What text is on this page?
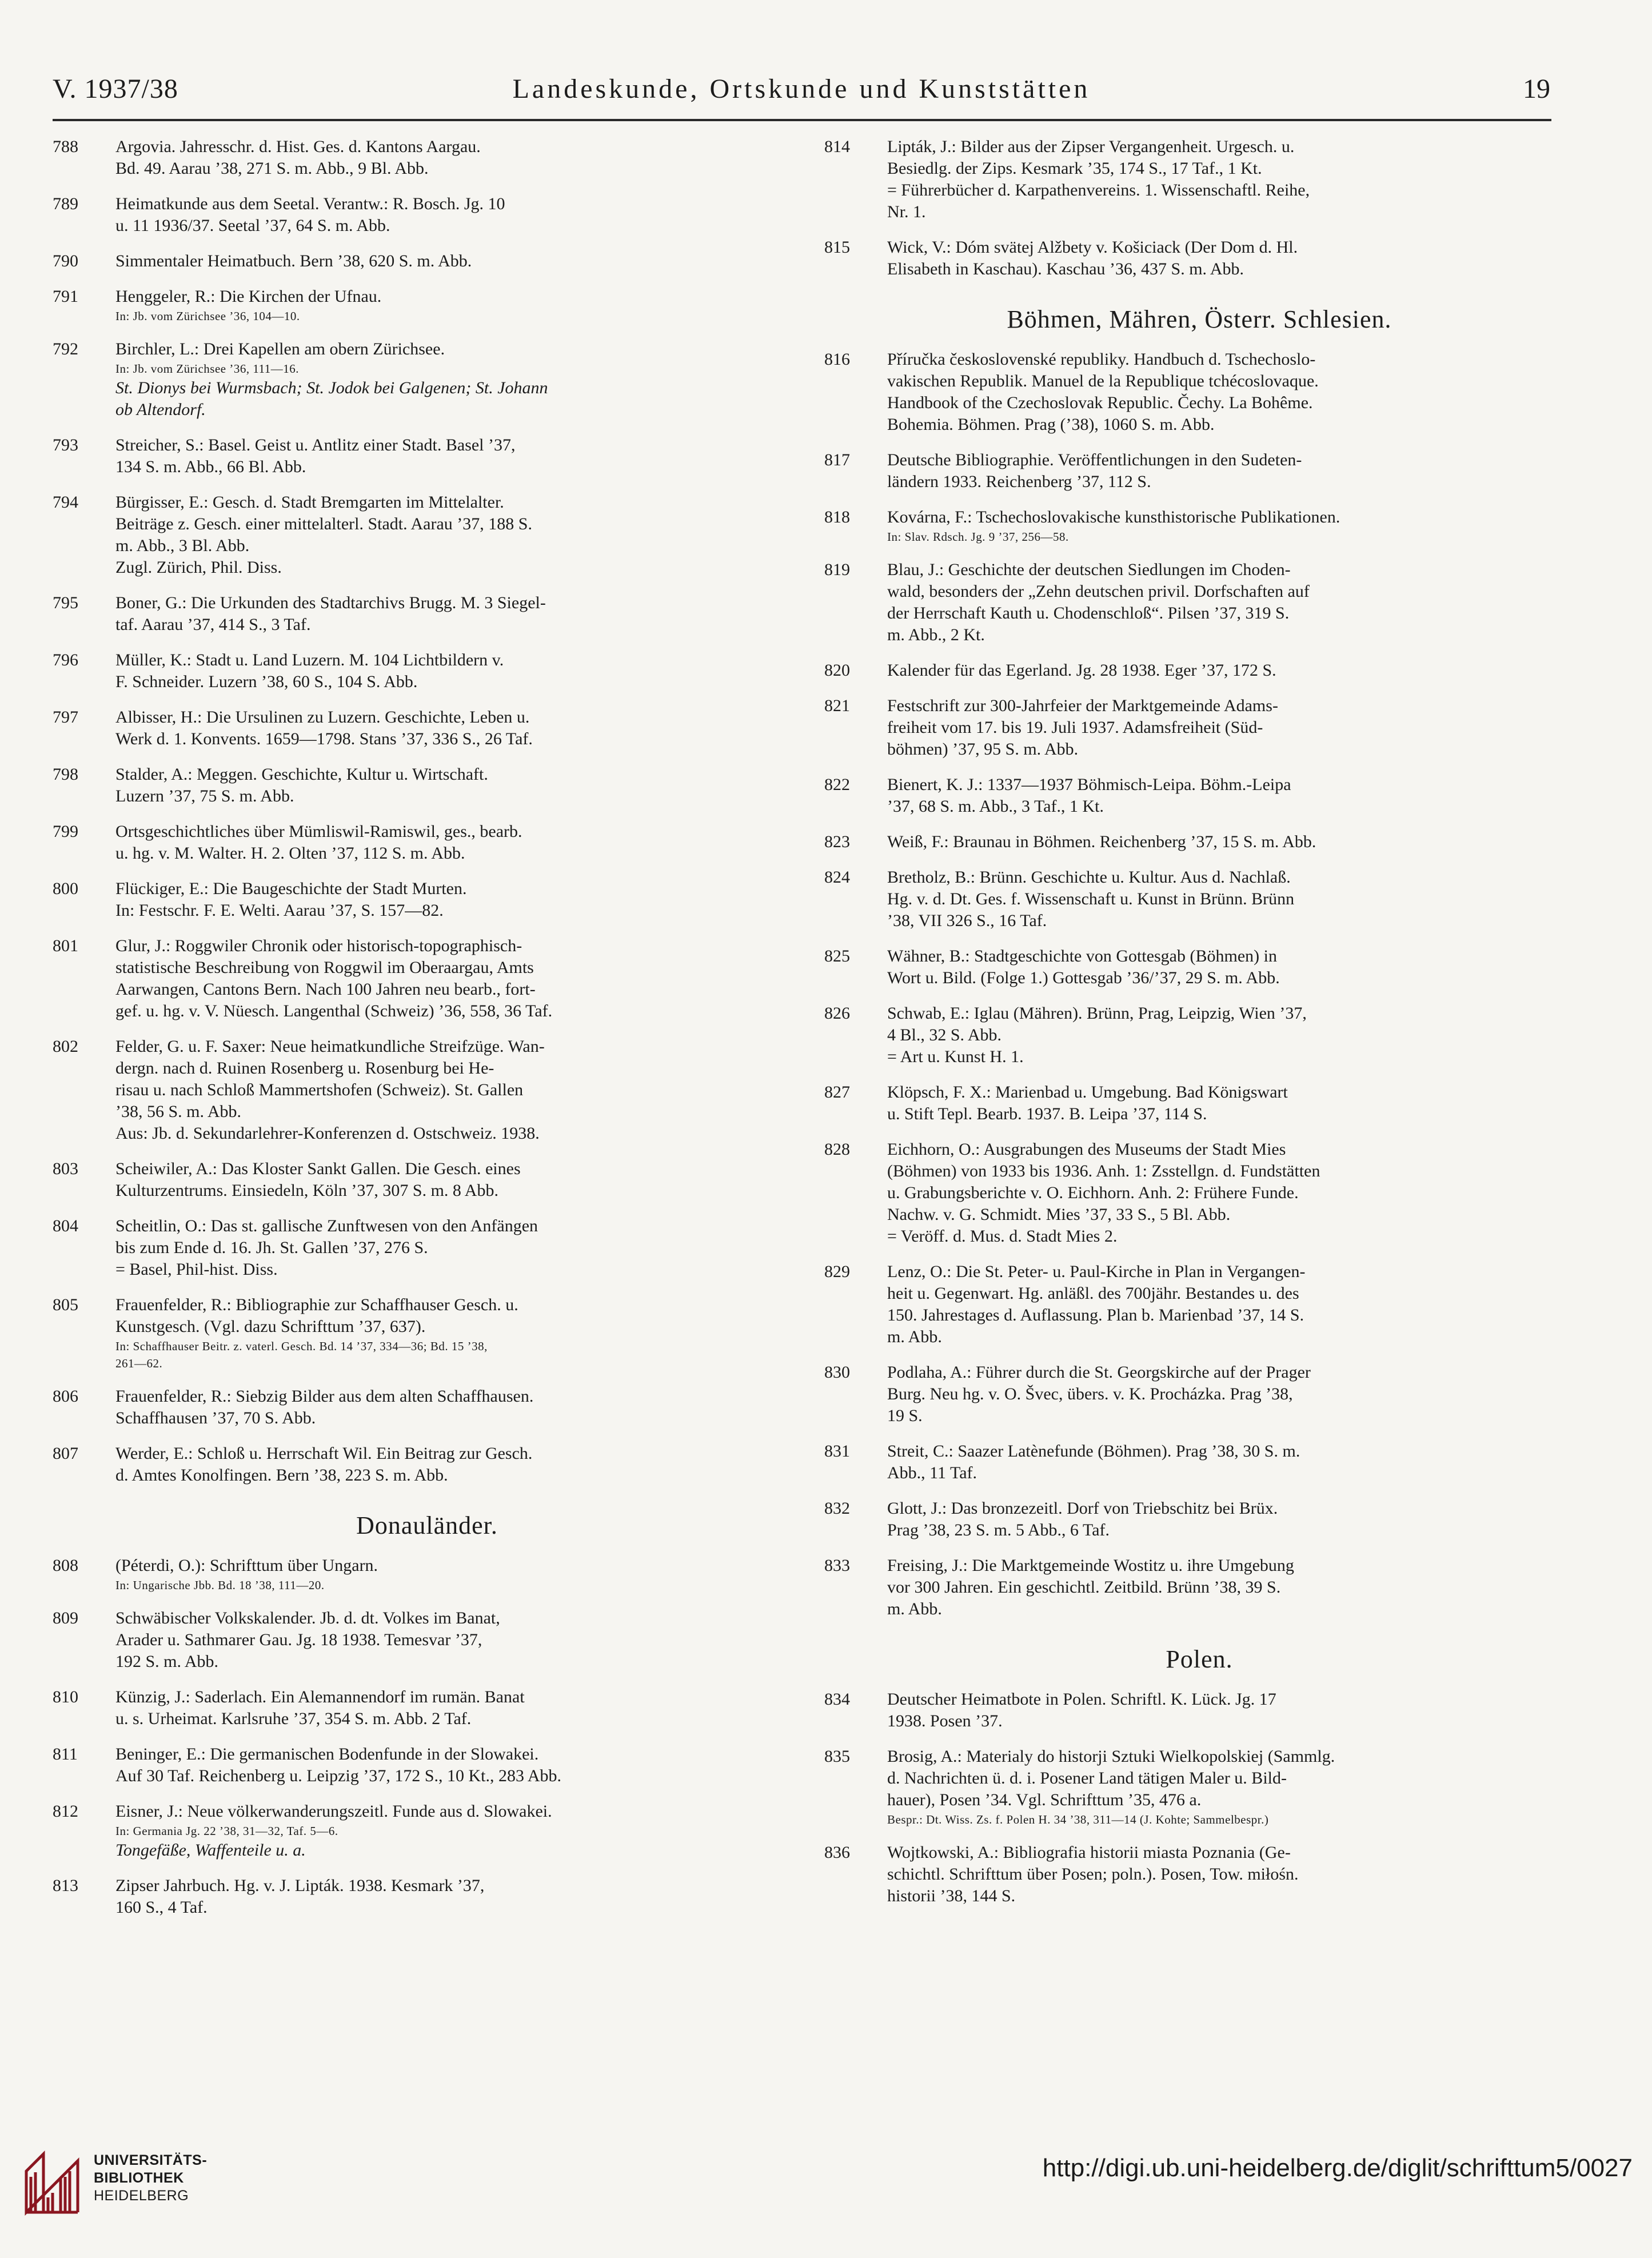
V. 1937/38	Landeskunde, Ortskunde und Kunststätten	19
788	Argovia. Jahresschr. d. Hist. Ges. d. Kantons Aargau.
Bd. 49. Aarau ’38, 271 S. m. Abb., 9 Bl. Abb.
789	Heimatkunde aus dem Seetal. Verantw.: R. Bosch. Jg. 10
u. 11 1936/37. Seetal ’37, 64 S. m. Abb.
790	Simmentaler Heimatbuch. Bern ’38, 620 S. m. Abb.
791	Henggeler, R.: Die Kirchen der Ufnau.
In: Jb. vom Zürichsee ’36, 104—10.
792	Birchler, L.: Drei Kapellen am obern Zürichsee.
In: Jb. vom Zürichsee ’36, 111—16.
St. Dionys bei Wurmsbach; St. Jodok bei Galgenen; St. Johann
ob Altendorf.
793	Streicher, S.: Basel. Geist u. Antlitz einer Stadt. Basel ’37,
134 S. m. Abb., 66 Bl. Abb.
794	Bürgisser, E.: Gesch. d. Stadt Bremgarten im Mittelalter.
Beiträge z. Gesch. einer mittelalterl. Stadt. Aarau ’37, 188 S.
m. Abb., 3 Bl. Abb.
Zugl. Zürich, Phil. Diss.
795	Boner, G.: Die Urkunden des Stadtarchivs Brugg. M. 3 Siegel-
taf. Aarau ’37, 414 S., 3 Taf.
796	Müller, K.: Stadt u. Land Luzern. M. 104 Lichtbildern v.
F. Schneider. Luzern ’38, 60 S., 104 S. Abb.
797	Albisser, H.: Die Ursulinen zu Luzern. Geschichte, Leben u.
Werk d. 1. Konvents. 1659—1798. Stans ’37, 336 S., 26 Taf.
798	Stalder, A.: Meggen. Geschichte, Kultur u. Wirtschaft.
Luzern ’37, 75 S. m. Abb.
799	Ortsgeschichtliches über Mümliswil-Ramiswil, ges., bearb.
u. hg. v. M. Walter. H. 2. Olten ’37, 112 S. m. Abb.
800	Flückiger, E.: Die Baugeschichte der Stadt Murten.
In: Festschr. F. E. Welti. Aarau ’37, S. 157—82.
801	Glur, J.: Roggwiler Chronik oder historisch-topographisch-
statistische Beschreibung von Roggwil im Oberaargau, Amts
Aarwangen, Cantons Bern. Nach 100 Jahren neu bearb., fort-
gef. u. hg. v. V. Nüesch. Langenthal (Schweiz) ’36, 558, 36 Taf.
802	Felder, G. u. F. Saxer: Neue heimatkundliche Streifzüge. Wan-
dergn. nach d. Ruinen Rosenberg u. Rosenburg bei He-
risau u. nach Schloß Mammertshofen (Schweiz). St. Gallen
’38, 56 S. m. Abb.
Aus: Jb. d. Sekundarlehrer-Konferenzen d. Ostschweiz. 1938.
803	Scheiwiler, A.: Das Kloster Sankt Gallen. Die Gesch. eines
Kulturzentrums. Einsiedeln, Köln ’37, 307 S. m. 8 Abb.
804	Scheitlin, O.: Das st. gallische Zunftwesen von den Anfängen
bis zum Ende d. 16. Jh. St. Gallen ’37, 276 S.
= Basel, Phil-hist. Diss.
805	Frauenfelder, R.: Bibliographie zur Schaffhauser Gesch. u.
Kunstgesch. (Vgl. dazu Schrifttum ’37, 637).
In: Schaffhauser Beitr. z. vaterl. Gesch. Bd. 14 ’37, 334—36; Bd. 15 ’38,
261—62.
806	Frauenfelder, R.: Siebzig Bilder aus dem alten Schaffhausen.
Schaffhausen ’37, 70 S. Abb.
807	Werder, E.: Schloß u. Herrschaft Wil. Ein Beitrag zur Gesch.
d. Amtes Konolfingen. Bern ’38, 223 S. m. Abb.
Donauländer.
808	(Péterdi, O.): Schrifttum über Ungarn.
In: Ungarische Jbb. Bd. 18 ’38, 111—20.
809	Schwäbischer Volkskalender. Jb. d. dt. Volkes im Banat,
Arader u. Sathmarer Gau. Jg. 18 1938. Temesvar ’37,
192 S. m. Abb.
810	Künzig, J.: Saderlach. Ein Alemannendorf im rumän. Banat
u. s. Urheimat. Karlsruhe ’37, 354 S. m. Abb. 2 Taf.
811	Beninger, E.: Die germanischen Bodenfunde in der Slowakei.
Auf 30 Taf. Reichenberg u. Leipzig ’37, 172 S., 10 Kt., 283 Abb.
812	Eisner, J.: Neue völkerwanderungszeitl. Funde aus d. Slowakei.
In: Germania Jg. 22 ’38, 31—32, Taf. 5—6.
Tongefäße, Waffenteile u. a.
813	Zipser Jahrbuch. Hg. v. J. Lipták. 1938. Kesmark ’37,
160 S., 4 Taf.
814	Lipták, J.: Bilder aus der Zipser Vergangenheit. Urgesch. u.
Besiedlg. der Zips. Kesmark ’35, 174 S., 17 Taf., 1 Kt.
= Führerbücher d. Karpathenvereins. 1. Wissenschaftl. Reihe,
Nr. 1.
815	Wick, V.: Dóm svätej Alžbety v. Košiciack (Der Dom d. Hl.
Elisabeth in Kaschau). Kaschau ’36, 437 S. m. Abb.
Böhmen, Mähren, Österr. Schlesien.
816	Příručka československé republiky. Handbuch d. Tschechoslo-
vakischen Republik. Manuel de la Republique tchécoslovaque.
Handbook of the Czechoslovak Republic. Čechy. La Bohême.
Bohemia. Böhmen. Prag (’38), 1060 S. m. Abb.
817	Deutsche Bibliographie. Veröffentlichungen in den Sudeten-
ländern 1933. Reichenberg ’37, 112 S.
818	Kovárna, F.: Tschechoslovakische kunsthistorische Publikationen.
In: Slav. Rdsch. Jg. 9 ’37, 256—58.
819	Blau, J.: Geschichte der deutschen Siedlungen im Choden-
wald, besonders der „Zehn deutschen privil. Dorfschaften auf
der Herrschaft Kauth u. Chodenschloß“. Pilsen ’37, 319 S.
m. Abb., 2 Kt.
820	Kalender für das Egerland. Jg. 28 1938. Eger ’37, 172 S.
821	Festschrift zur 300-Jahrfeier der Marktgemeinde Adams-
freiheit vom 17. bis 19. Juli 1937. Adamsfreiheit (Süd-
böhmen) ’37, 95 S. m. Abb.
822	Bienert, K. J.: 1337—1937 Böhmisch-Leipa. Böhm.-Leipa
’37, 68 S. m. Abb., 3 Taf., 1 Kt.
823	Weiß, F.: Braunau in Böhmen. Reichenberg ’37, 15 S. m. Abb.
824	Bretholz, B.: Brünn. Geschichte u. Kultur. Aus d. Nachlaß.
Hg. v. d. Dt. Ges. f. Wissenschaft u. Kunst in Brünn. Brünn
’38, VII 326 S., 16 Taf.
825	Wähner, B.: Stadtgeschichte von Gottesgab (Böhmen) in
Wort u. Bild. (Folge 1.) Gottesgab ’36/’37, 29 S. m. Abb.
826	Schwab, E.: Iglau (Mähren). Brünn, Prag, Leipzig, Wien ’37,
4 Bl., 32 S. Abb.
= Art u. Kunst H. 1.
827	Klöpsch, F. X.: Marienbad u. Umgebung. Bad Königswart
u. Stift Tepl. Bearb. 1937. B. Leipa ’37, 114 S.
828	Eichhorn, O.: Ausgrabungen des Museums der Stadt Mies
(Böhmen) von 1933 bis 1936. Anh. 1: Zsstellgn. d. Fundstätten
u. Grabungsberichte v. O. Eichhorn. Anh. 2: Frühere Funde.
Nachw. v. G. Schmidt. Mies ’37, 33 S., 5 Bl. Abb.
= Veröff. d. Mus. d. Stadt Mies 2.
829	Lenz, O.: Die St. Peter- u. Paul-Kirche in Plan in Vergangen-
heit u. Gegenwart. Hg. anläßl. des 700jähr. Bestandes u. des
150. Jahrestages d. Auflassung. Plan b. Marienbad ’37, 14 S.
m. Abb.
830	Podlaha, A.: Führer durch die St. Georgskirche auf der Prager
Burg. Neu hg. v. O. Švec, übers. v. K. Procházka. Prag ’38,
19 S.
831	Streit, C.: Saazer Latènefunde (Böhmen). Prag ’38, 30 S. m.
Abb., 11 Taf.
832	Glott, J.: Das bronzezeitl. Dorf von Triebschitz bei Brüx.
Prag ’38, 23 S. m. 5 Abb., 6 Taf.
833	Freising, J.: Die Marktgemeinde Wostitz u. ihre Umgebung
vor 300 Jahren. Ein geschichtl. Zeitbild. Brünn ’38, 39 S.
m. Abb.
Polen.
834	Deutscher Heimatbote in Polen. Schriftl. K. Lück. Jg. 17
1938. Posen ’37.
835	Brosig, A.: Materialy do historji Sztuki Wielkopolskiej (Sammlg.
d. Nachrichten ü. d. i. Posener Land tätigen Maler u. Bild-
hauer), Posen ’34. Vgl. Schrifttum ’35, 476 a.
Bespr.: Dt. Wiss. Zs. f. Polen H. 34 ’38, 311—14 (J. Kohte; Sammelbespr.)
836	Wojtkowski, A.: Bibliografia historii miasta Poznania (Ge-
schichtl. Schrifttum über Posen; poln.). Posen, Tow. miłośn.
historii ’38, 144 S.
UNIVERSITÄTS-
BIBLIOTHEK
HEIDELBERG
http://digi.ub.uni-heidelberg.de/diglit/schrifttum5/0027
